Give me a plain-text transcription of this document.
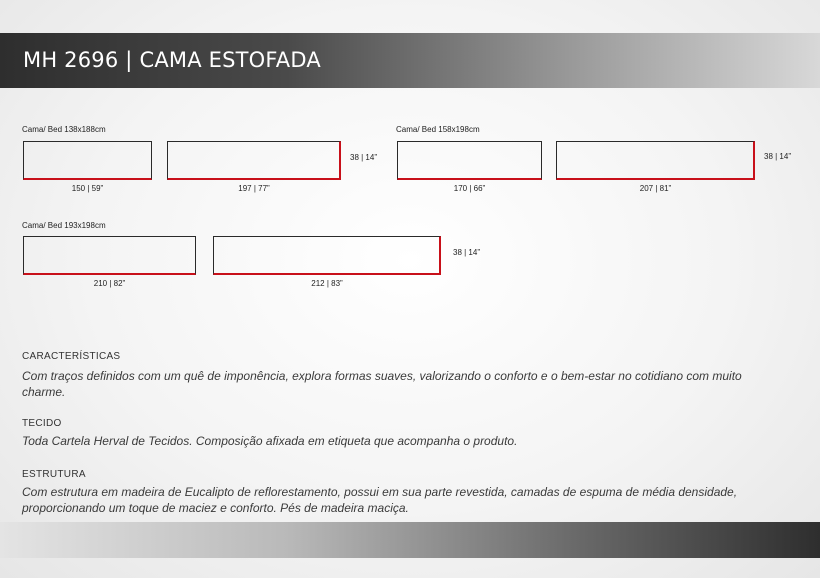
MH 2696 | CAMA ESTOFADA
Cama/ Bed 138x188cm
150 | 59”	197 | 77”
38 | 14”
Cama/ Bed 158x198cm
170 | 66”	207 | 81”
38 | 14”
Cama/ Bed 193x198cm
210 | 82”	212 | 83”
38 | 14”
CARACTERÍSTICAS
Com traços definidos com um quê de imponência, explora formas suaves, valorizando o conforto e o bem-estar no cotidiano com muito charme.
TECIDO
Toda Cartela Herval de Tecidos. Composição afixada em etiqueta que acompanha o produto.
ESTRUTURA
Com estrutura em madeira de Eucalipto de reflorestamento, possui em sua parte revestida, camadas de espuma de média densidade, proporcionando um toque de maciez e conforto. Pés de madeira maciça.
